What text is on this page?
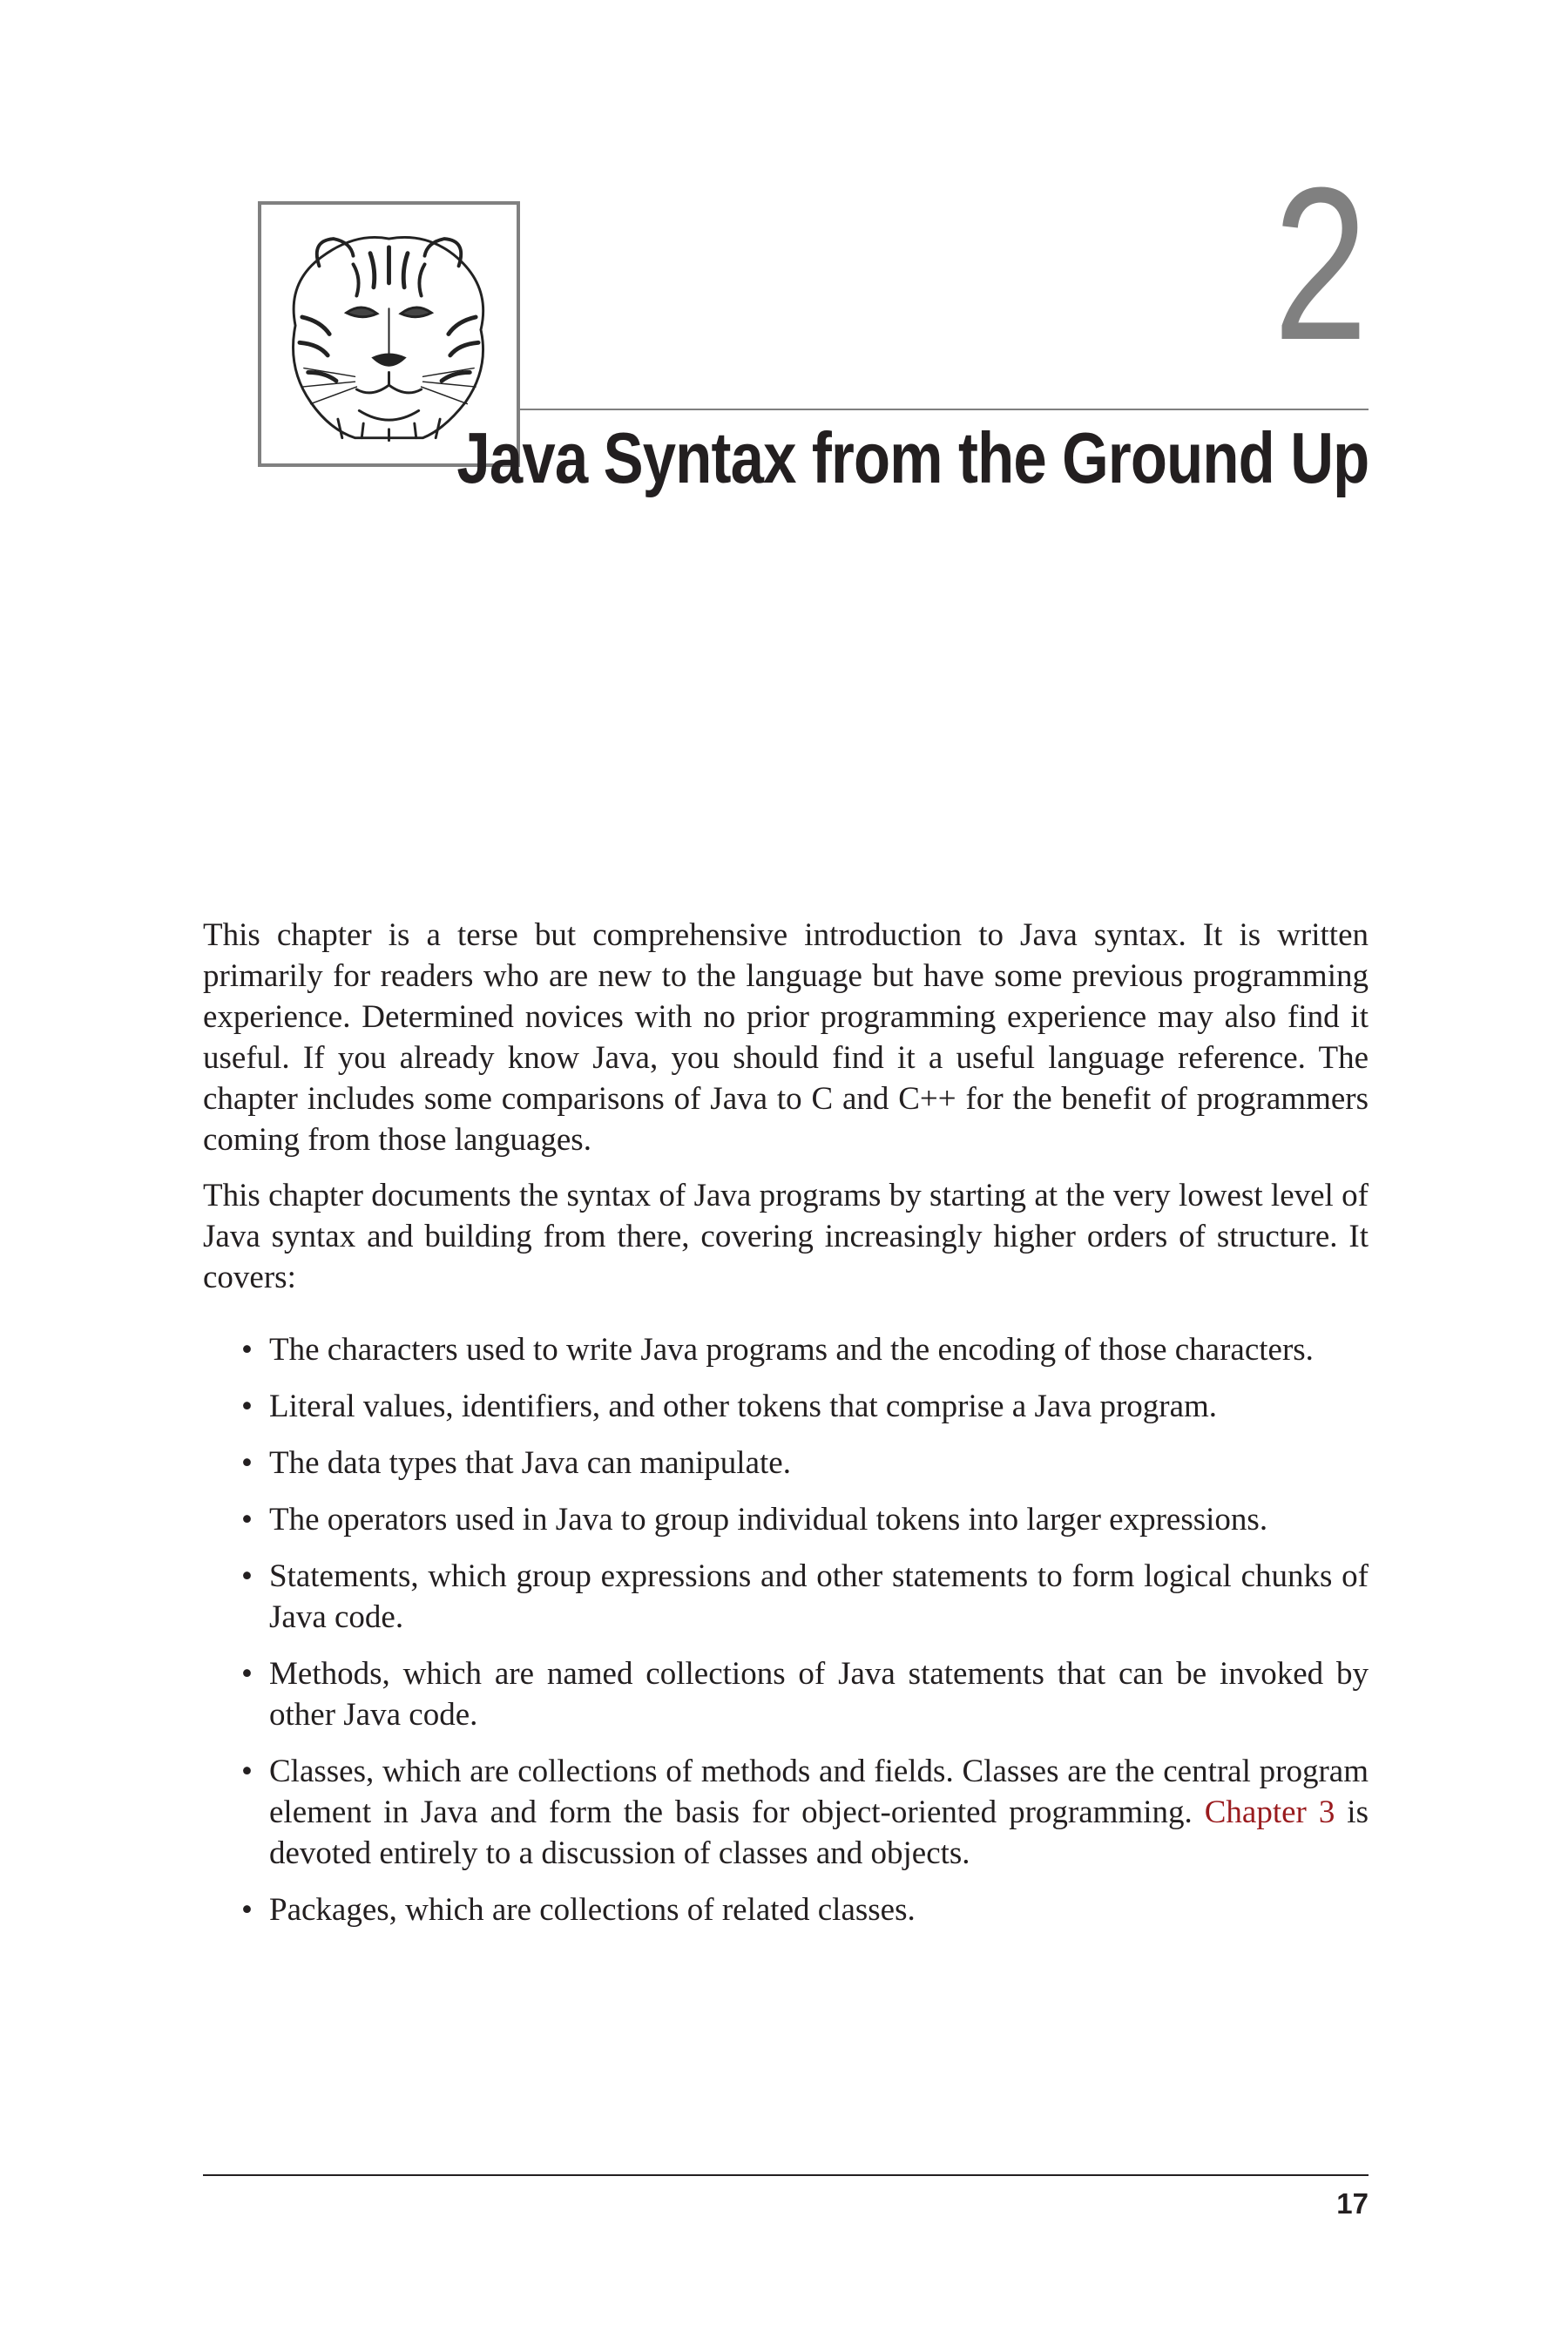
2
Java Syntax from the Ground Up

This chapter is a terse but comprehensive introduction to Java syntax. It is written primarily for readers who are new to the language but have some previous programming experience. Determined novices with no prior programming experience may also find it useful. If you already know Java, you should find it a useful language reference. The chapter includes some comparisons of Java to C and C++ for the benefit of programmers coming from those languages.

This chapter documents the syntax of Java programs by starting at the very lowest level of Java syntax and building from there, covering increasingly higher orders of structure. It covers:

• The characters used to write Java programs and the encoding of those characters.
• Literal values, identifiers, and other tokens that comprise a Java program.
• The data types that Java can manipulate.
• The operators used in Java to group individual tokens into larger expressions.
• Statements, which group expressions and other statements to form logical chunks of Java code.
• Methods, which are named collections of Java statements that can be invoked by other Java code.
• Classes, which are collections of methods and fields. Classes are the central program element in Java and form the basis for object-oriented programming. Chapter 3 is devoted entirely to a discussion of classes and objects.
• Packages, which are collections of related classes.
17
